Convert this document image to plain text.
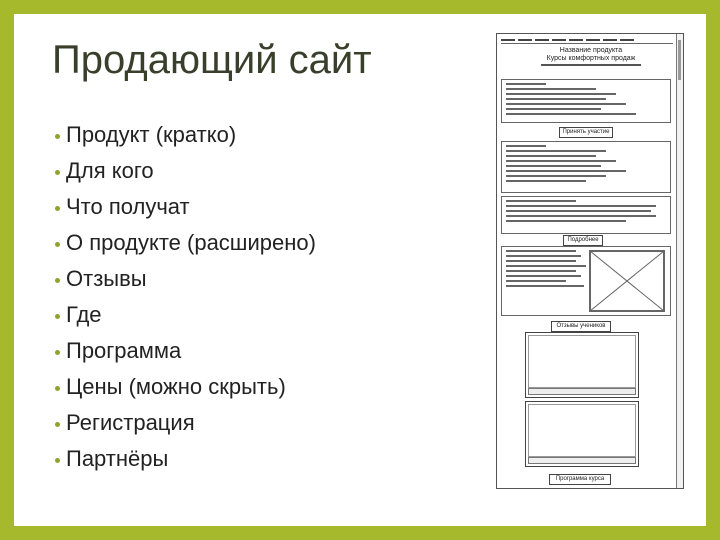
Продающий сайт
Продукт (кратко)
Для кого
Что получат
О продукте (расширено)
Отзывы
Где
Программа
Цены (можно скрыть)
Регистрация
Партнёры
Название продукта
Курсы комфортных продаж
Принять участие
Подробнее
Отзывы учеников
Программа курса
